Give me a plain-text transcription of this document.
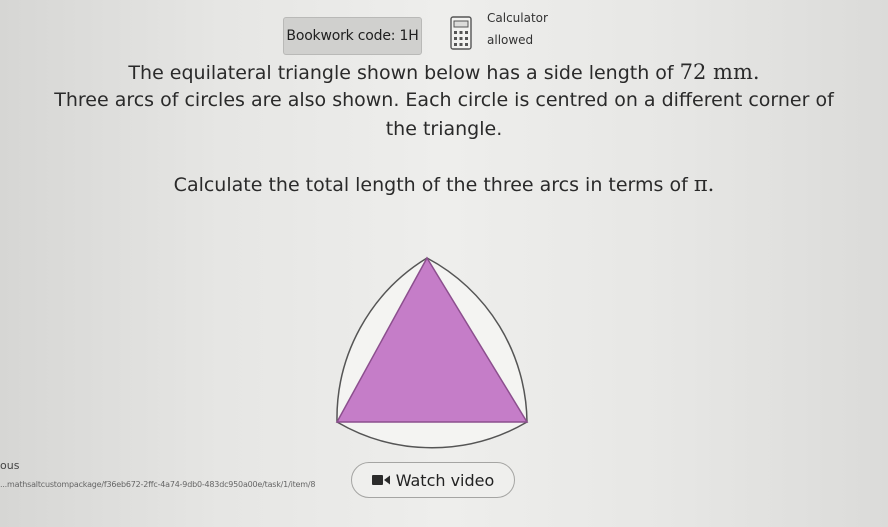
Bookwork code: 1H
Calculator
allowed
The equilateral triangle shown below has a side length of 72 mm.
Three arcs of circles are also shown. Each circle is centred on a different corner of
the triangle.
Calculate the total length of the three arcs in terms of π.
ous
...mathsaltcustompackage/f36eb672-2ffc-4a74-9db0-483dc950a00e/task/1/item/8	Watch video
